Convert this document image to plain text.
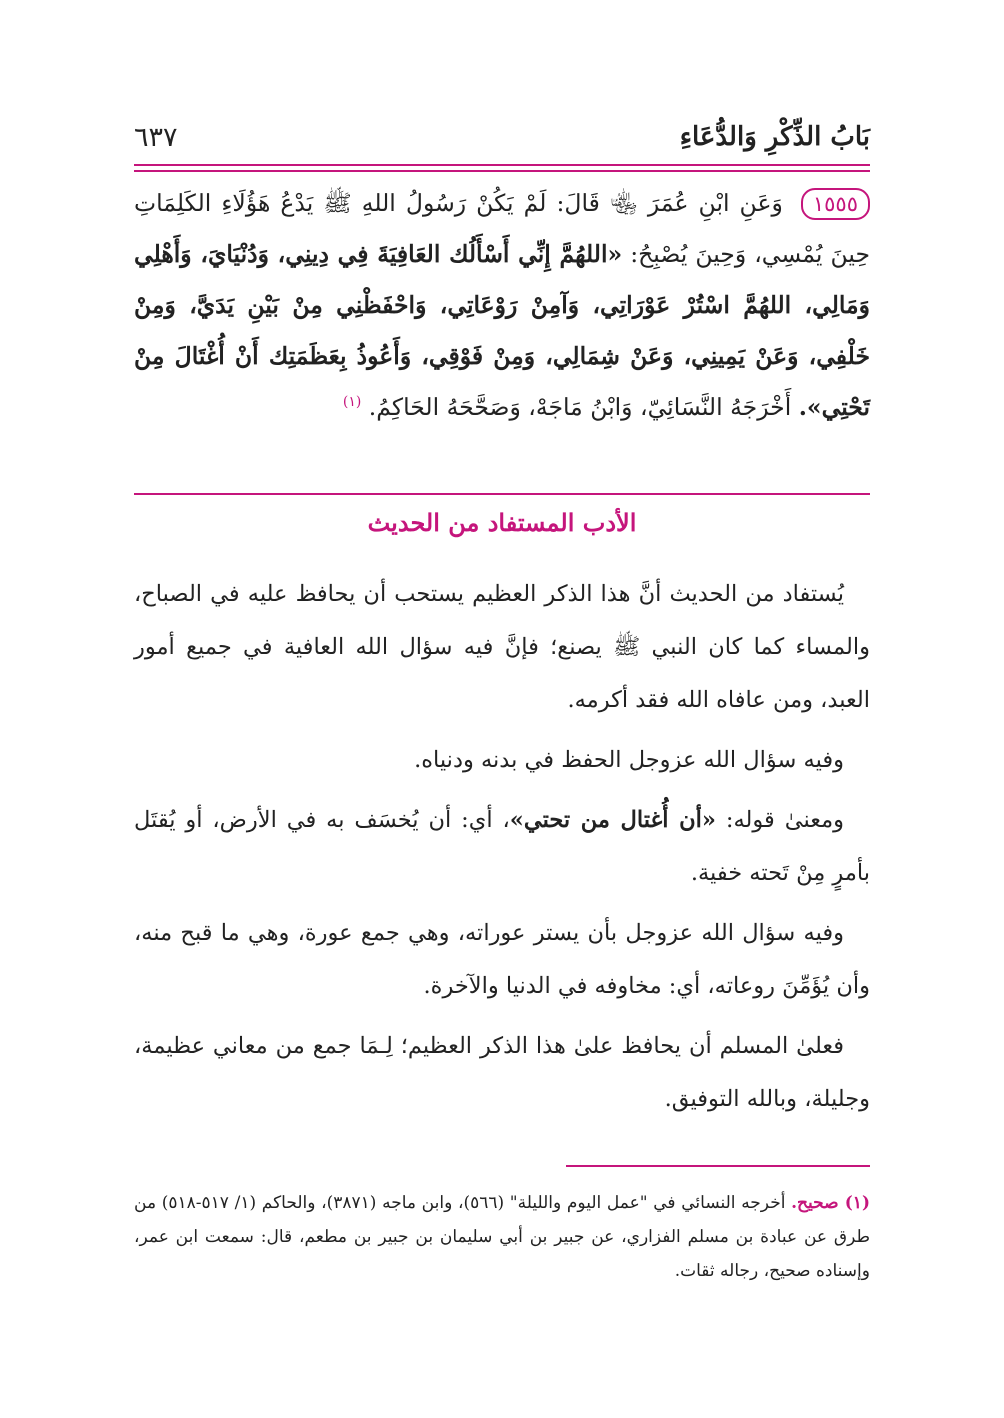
بَابُ الذِّكْرِ وَالدُّعَاءِ
٦٣٧
١٥٥٥ وَعَنِ ابْنِ عُمَرَ ﵄ قَالَ: لَمْ يَكُنْ رَسُولُ اللهِ ﷺ يَدْعُ هَؤُلَاءِ الكَلِمَاتِ حِينَ يُمْسِي، وَحِينَ يُصْبِحُ: «اللهُمَّ إِنِّي أَسْأَلُك العَافِيَةَ فِي دِينِي، وَدُنْيَايَ، وَأَهْلِي وَمَالِي، اللهُمَّ اسْتُرْ عَوْرَاتِي، وَآمِنْ رَوْعَاتِي، وَاحْفَظْنِي مِنْ بَيْنِ يَدَيَّ، وَمِنْ خَلْفِي، وَعَنْ يَمِينِي، وَعَنْ شِمَالِي، وَمِنْ فَوْقِي، وَأَعُوذُ بِعَظَمَتِك أَنْ أُغْتَالَ مِنْ تَحْتِي». أَخْرَجَهُ النَّسَائِيّ، وَابْنُ مَاجَهْ، وَصَحَّحَهُ الحَاكِمُ. $^{(١)}$
الأدب المستفاد من الحديث

يُستفاد من الحديث أنَّ هذا الذكر العظيم يستحب أن يحافظ عليه في الصباح، والمساء كما كان النبي ﷺ يصنع؛ فإنَّ فيه سؤال الله العافية في جميع أمور العبد، ومن عافاه الله فقد أكرمه.

وفيه سؤال الله عزوجل الحفظ في بدنه ودنياه.

ومعنىٰ قوله: «أن أُغتال من تحتي»، أي: أن يُخسَف به في الأرض، أو يُقتَل بأمرٍ مِنْ تَحته خفية.

وفيه سؤال الله عزوجل بأن يستر عوراته، وهي جمع عورة، وهي ما قبح منه، وأن يُؤَمِّنَ روعاته، أي: مخاوفه في الدنيا والآخرة.

فعلىٰ المسلم أن يحافظ علىٰ هذا الذكر العظيم؛ لِـمَا جمع من معاني عظيمة، وجليلة، وبالله التوفيق.

(١) صحيح. أخرجه النسائي في "عمل اليوم والليلة" (٥٦٦)، وابن ماجه (٣٨٧١)، والحاكم (١/ ٥١٧-٥١٨) من طرق عن عبادة بن مسلم الفزاري، عن جبير بن أبي سليمان بن جبير بن مطعم، قال: سمعت ابن عمر، وإسناده صحيح، رجاله ثقات.
